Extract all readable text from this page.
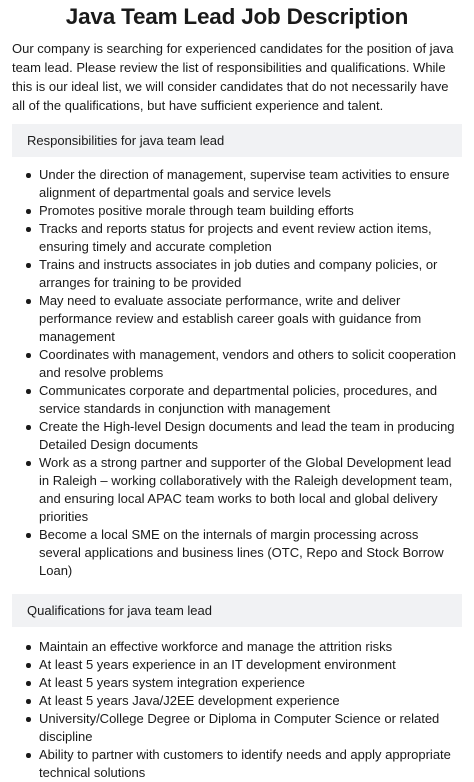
Java Team Lead Job Description

Our company is searching for experienced candidates for the position of java team lead. Please review the list of responsibilities and qualifications. While this is our ideal list, we will consider candidates that do not necessarily have all of the qualifications, but have sufficient experience and talent.

Responsibilities for java team lead
Under the direction of management, supervise team activities to ensure alignment of departmental goals and service levels
Promotes positive morale through team building efforts
Tracks and reports status for projects and event review action items, ensuring timely and accurate completion
Trains and instructs associates in job duties and company policies, or arranges for training to be provided
May need to evaluate associate performance, write and deliver performance review and establish career goals with guidance from management
Coordinates with management, vendors and others to solicit cooperation and resolve problems
Communicates corporate and departmental policies, procedures, and service standards in conjunction with management
Create the High-level Design documents and lead the team in producing Detailed Design documents
Work as a strong partner and supporter of the Global Development lead in Raleigh – working collaboratively with the Raleigh development team, and ensuring local APAC team works to both local and global delivery priorities
Become a local SME on the internals of margin processing across several applications and business lines (OTC, Repo and Stock Borrow Loan)
Qualifications for java team lead
Maintain an effective workforce and manage the attrition risks
At least 5 years experience in an IT development environment
At least 5 years system integration experience
At least 5 years Java/J2EE development experience
University/College Degree or Diploma in Computer Science or related discipline
Ability to partner with customers to identify needs and apply appropriate technical solutions
